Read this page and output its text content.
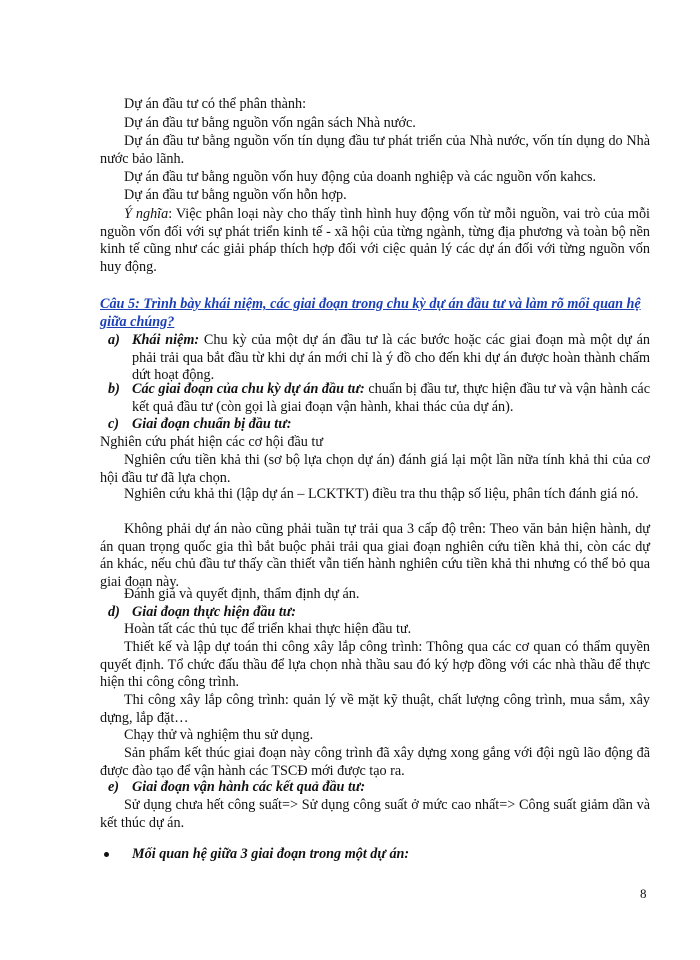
Dự án đầu tư có thể phân thành:

Dự án đầu tư bằng nguồn vốn ngân sách Nhà nước.

Dự án đầu tư bằng nguồn vốn tín dụng đầu tư phát triển của Nhà nước, vốn tín dụng do Nhà nước bảo lãnh.

Dự án đầu tư bằng nguồn vốn huy động của doanh nghiệp và các nguồn vốn kahcs.

Dự án đầu tư bằng nguồn vốn hỗn hợp.

Ý nghĩa: Việc phân loại này cho thấy tình hình huy động vốn từ mỗi nguồn, vai trò của mỗi nguồn vốn đối với sự phát triển kinh tế - xã hội của từng ngành, từng địa phương và toàn bộ nền kinh tế cũng như các giải pháp thích hợp đối với ciệc quản lý các dự án đối với từng nguồn vốn huy động.

Câu 5: Trình bày khái niệm, các giai đoạn trong chu kỳ dự án đầu tư và làm rõ mối quan hệ giữa chúng?

a) Khái niệm: Chu kỳ của một dự án đầu tư là các bước hoặc các giai đoạn mà một dự án phải trải qua bắt đầu từ khi dự án mới chỉ là ý đồ cho đến khi dự án được hoàn thành chấm dứt hoạt động.

b) Các giai đoạn của chu kỳ dự án đầu tư: chuẩn bị đầu tư, thực hiện đầu tư và vận hành các kết quả đầu tư (còn gọi là giai đoạn vận hành, khai thác của dự án).

c) Giai đoạn chuẩn bị đầu tư:

Nghiên cứu phát hiện các cơ hội đầu tư

Nghiên cứu tiền khả thi (sơ bộ lựa chọn dự án) đánh giá lại một lần nữa tính khả thi của cơ hội đầu tư đã lựa chọn.

Nghiên cứu khả thi (lập dự án – LCKTKT) điều tra thu thập số liệu, phân tích đánh giá nó.

Không phải dự án nào cũng phải tuần tự trải qua 3 cấp độ trên: Theo văn bản hiện hành, dự án quan trọng quốc gia thì bắt buộc phải trải qua giai đoạn nghiên cứu tiền khả thi, còn các dự án khác, nếu chủ đầu tư thấy cần thiết vẫn tiến hành nghiên cứu tiền khả thi nhưng có thể bỏ qua giai đoạn này.

Đánh giá và quyết định, thẩm định dự án.

d) Giai đoạn thực hiện đầu tư:

Hoàn tất các thủ tục để triển khai thực hiện đầu tư.

Thiết kế và lập dự toán thi công xây lắp công trình: Thông qua các cơ quan có thẩm quyền quyết định. Tổ chức đấu thầu để lựa chọn nhà thầu sau đó ký hợp đồng với các nhà thầu để thực hiện thi công công trình.

Thi công xây lắp công trình: quản lý về mặt kỹ thuật, chất lượng công trình, mua sắm, xây dựng, lắp đặt…

Chạy thử và nghiệm thu sử dụng.

Sản phẩm kết thúc giai đoạn này công trình đã xây dựng xong gắng với đội ngũ lão động đã được đào tạo để vận hành các TSCĐ mới được tạo ra.

e) Giai đoạn vận hành các kết quả đầu tư:

Sử dụng chưa hết công suất=> Sử dụng công suất ở mức cao nhất=> Công suất giảm dần và kết thúc dự án.

Mối quan hệ giữa 3 giai đoạn trong một dự án:

8
